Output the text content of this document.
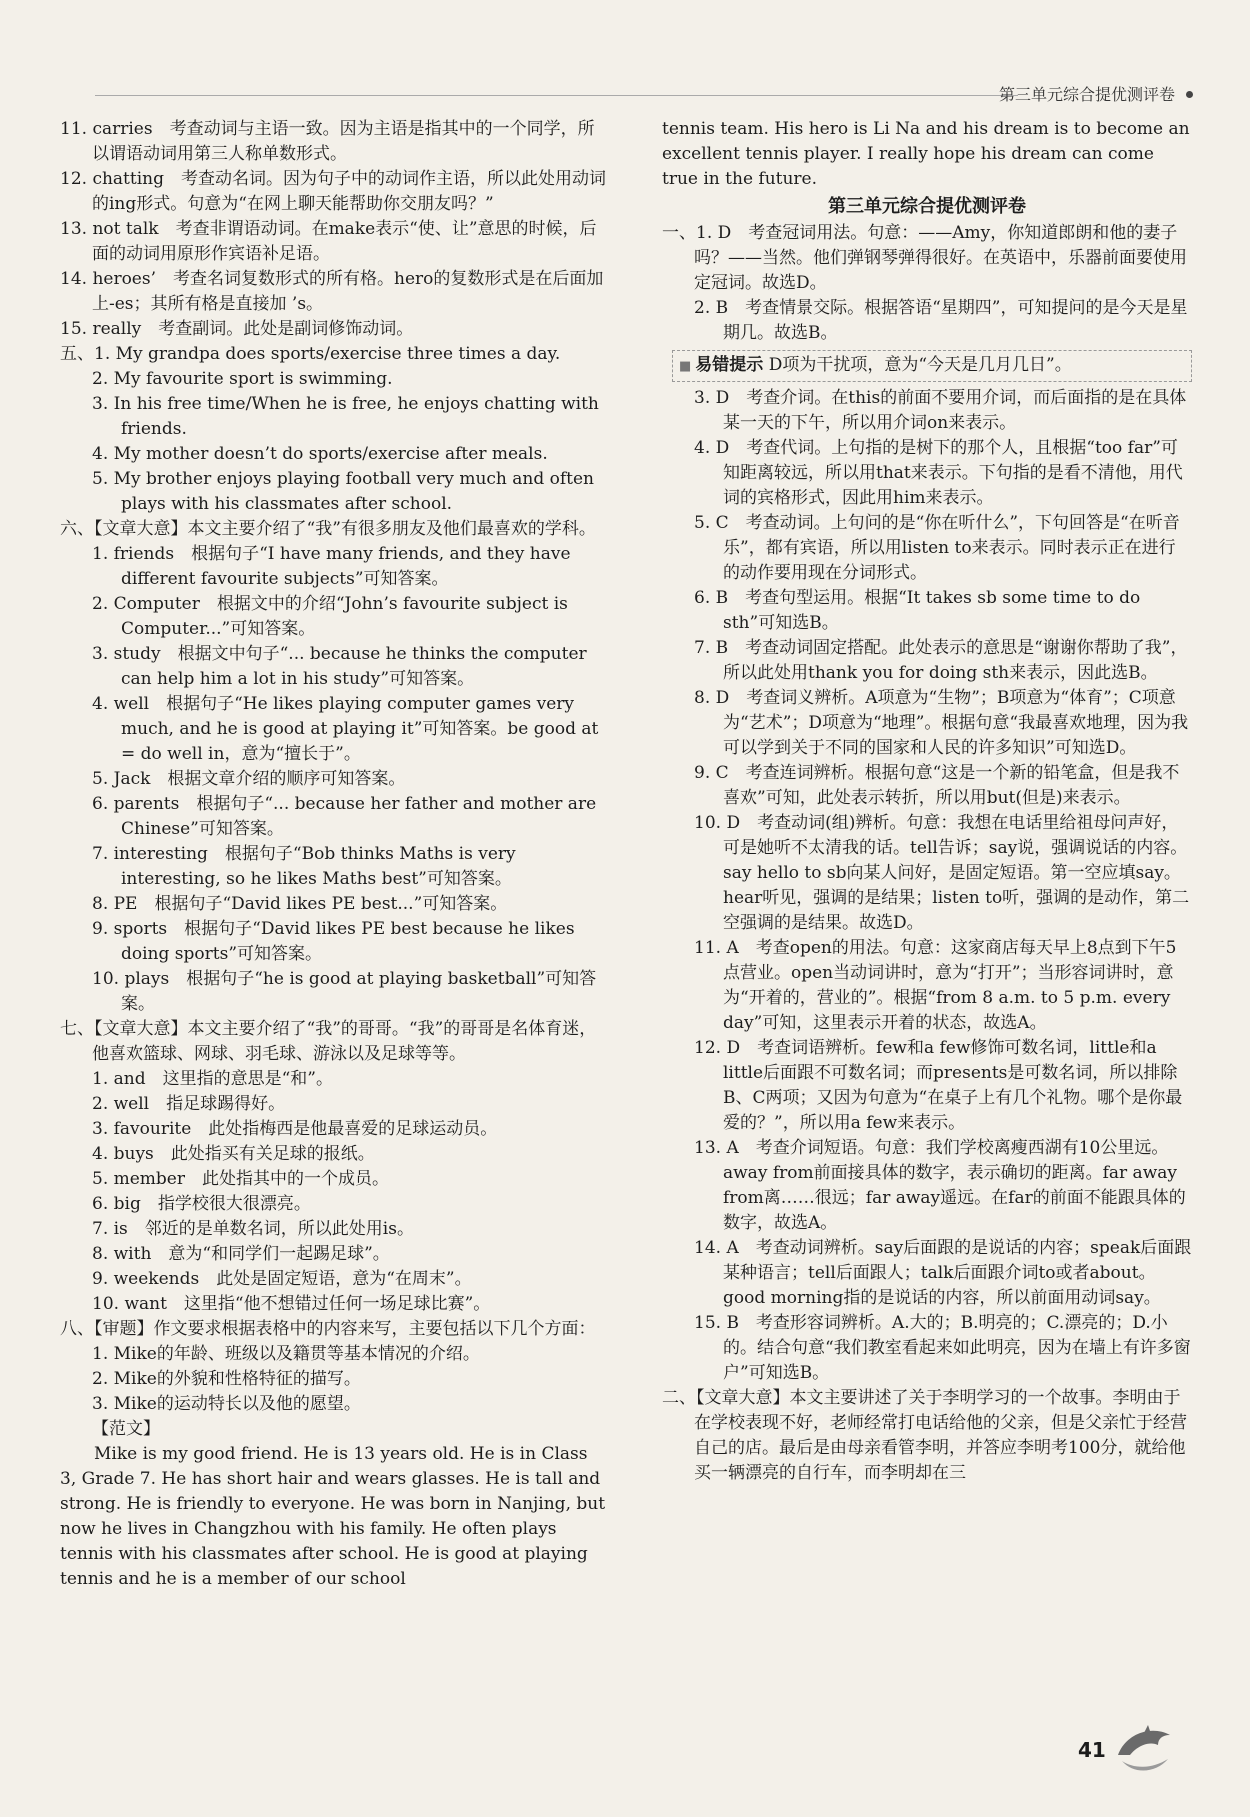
第三单元综合提优测评卷

11. carries　考查动词与主语一致。因为主语是指其中的一个同学，所以谓语动词用第三人称单数形式。

12. chatting　考查动名词。因为句子中的动词作主语，所以此处用动词的ing形式。句意为“在网上聊天能帮助你交朋友吗？”

13. not talk　考查非谓语动词。在make表示“使、让”意思的时候，后面的动词用原形作宾语补足语。

14. heroes’　考查名词复数形式的所有格。hero的复数形式是在后面加上-es；其所有格是直接加 ’s。

15. really　考查副词。此处是副词修饰动词。

五、1. My grandpa does sports/exercise three times a day.

2. My favourite sport is swimming.

3. In his free time/When he is free, he enjoys chatting with friends.

4. My mother doesn’t do sports/exercise after meals.

5. My brother enjoys playing football very much and often plays with his classmates after school.

六、【文章大意】本文主要介绍了“我”有很多朋友及他们最喜欢的学科。

1. friends　根据句子“I have many friends, and they have different favourite subjects”可知答案。

2. Computer　根据文中的介绍“John’s favourite subject is Computer...”可知答案。

3. study　根据文中句子“... because he thinks the computer can help him a lot in his study”可知答案。

4. well　根据句子“He likes playing computer games very much, and he is good at playing it”可知答案。be good at = do well in，意为“擅长于”。

5. Jack　根据文章介绍的顺序可知答案。

6. parents　根据句子“... because her father and mother are Chinese”可知答案。

7. interesting　根据句子“Bob thinks Maths is very interesting, so he likes Maths best”可知答案。

8. PE　根据句子“David likes PE best...”可知答案。

9. sports　根据句子“David likes PE best because he likes doing sports”可知答案。

10. plays　根据句子“he is good at playing basketball”可知答案。

七、【文章大意】本文主要介绍了“我”的哥哥。“我”的哥哥是名体育迷，他喜欢篮球、网球、羽毛球、游泳以及足球等等。

1. and　这里指的意思是“和”。

2. well　指足球踢得好。

3. favourite　此处指梅西是他最喜爱的足球运动员。

4. buys　此处指买有关足球的报纸。

5. member　此处指其中的一个成员。

6. big　指学校很大很漂亮。

7. is　邻近的是单数名词，所以此处用is。

8. with　意为“和同学们一起踢足球”。

9. weekends　此处是固定短语，意为“在周末”。

10. want　这里指“他不想错过任何一场足球比赛”。

八、【审题】作文要求根据表格中的内容来写，主要包括以下几个方面：

1. Mike的年龄、班级以及籍贯等基本情况的介绍。

2. Mike的外貌和性格特征的描写。

3. Mike的运动特长以及他的愿望。

【范文】

Mike is my good friend. He is 13 years old. He is in Class 3, Grade 7. He has short hair and wears glasses. He is tall and strong. He is friendly to everyone. He was born in Nanjing, but now he lives in Changzhou with his family. He often plays tennis with his classmates after school. He is good at playing tennis and he is a member of our school

tennis team. His hero is Li Na and his dream is to become an excellent tennis player. I really hope his dream can come true in the future.

第三单元综合提优测评卷

一、1. D　考查冠词用法。句意：——Amy，你知道郎朗和他的妻子吗？——当然。他们弹钢琴弹得很好。在英语中，乐器前面要使用定冠词。故选D。

2. B　考查情景交际。根据答语“星期四”，可知提问的是今天是星期几。故选B。

■ 易错提示 D项为干扰项，意为“今天是几月几日”。

3. D　考查介词。在this的前面不要用介词，而后面指的是在具体某一天的下午，所以用介词on来表示。

4. D　考查代词。上句指的是树下的那个人，且根据“too far”可知距离较远，所以用that来表示。下句指的是看不清他，用代词的宾格形式，因此用him来表示。

5. C　考查动词。上句问的是“你在听什么”，下句回答是“在听音乐”，都有宾语，所以用listen to来表示。同时表示正在进行的动作要用现在分词形式。

6. B　考查句型运用。根据“It takes sb some time to do sth”可知选B。

7. B　考查动词固定搭配。此处表示的意思是“谢谢你帮助了我”，所以此处用thank you for doing sth来表示，因此选B。

8. D　考查词义辨析。A项意为“生物”；B项意为“体育”；C项意为“艺术”；D项意为“地理”。根据句意“我最喜欢地理，因为我可以学到关于不同的国家和人民的许多知识”可知选D。

9. C　考查连词辨析。根据句意“这是一个新的铅笔盒，但是我不喜欢”可知，此处表示转折，所以用but(但是)来表示。

10. D　考查动词(组)辨析。句意：我想在电话里给祖母问声好，可是她听不太清我的话。tell告诉；say说，强调说话的内容。say hello to sb向某人问好，是固定短语。第一空应填say。hear听见，强调的是结果；listen to听，强调的是动作，第二空强调的是结果。故选D。

11. A　考查open的用法。句意：这家商店每天早上8点到下午5点营业。open当动词讲时，意为“打开”；当形容词讲时，意为“开着的，营业的”。根据“from 8 a.m. to 5 p.m. every day”可知，这里表示开着的状态，故选A。

12. D　考查词语辨析。few和a few修饰可数名词，little和a little后面跟不可数名词；而presents是可数名词，所以排除B、C两项；又因为句意为“在桌子上有几个礼物。哪个是你最爱的？”，所以用a few来表示。

13. A　考查介词短语。句意：我们学校离瘦西湖有10公里远。away from前面接具体的数字，表示确切的距离。far away from离……很远；far away遥远。在far的前面不能跟具体的数字，故选A。

14. A　考查动词辨析。say后面跟的是说话的内容；speak后面跟某种语言；tell后面跟人；talk后面跟介词to或者about。good morning指的是说话的内容，所以前面用动词say。

15. B　考查形容词辨析。A.大的；B.明亮的；C.漂亮的；D.小的。结合句意“我们教室看起来如此明亮，因为在墙上有许多窗户”可知选B。

二、【文章大意】本文主要讲述了关于李明学习的一个故事。李明由于在学校表现不好，老师经常打电话给他的父亲，但是父亲忙于经营自己的店。最后是由母亲看管李明，并答应李明考100分，就给他买一辆漂亮的自行车，而李明却在三

41
